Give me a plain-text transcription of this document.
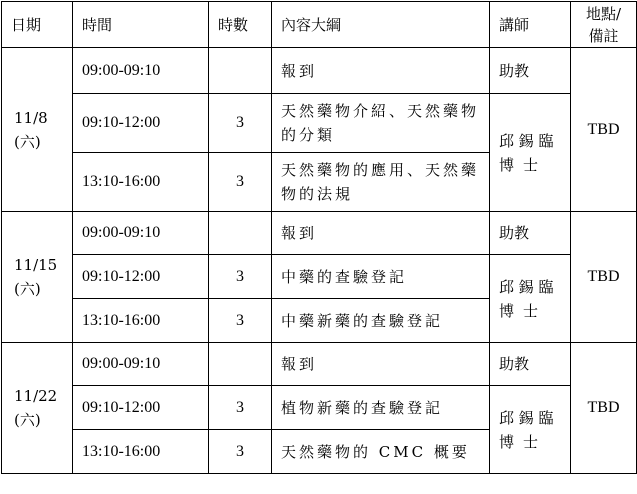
日期	時間	時數	內容大綱	講師	地點/
備註
11/8
(六)	09:00-09:10		報到	助教	TBD
	09:10-12:00	3	天然藥物介紹、天然藥物
的分類	邱 錫 臨
博士	
	13:10-16:00	3	天然藥物的應用、天然藥
物的法規		

11/15
(六)	09:00-09:10		報到	助教	TBD
	09:10-12:00	3	中藥的查驗登記	邱 錫 臨
博士	
	13:10-16:00	3	中藥新藥的查驗登記		

11/22
(六)	09:00-09:10		報到	助教	TBD
	09:10-12:00	3	植物新藥的查驗登記	邱 錫 臨
博士	
	13:10-16:00	3	天然藥物的 CMC 概要		
